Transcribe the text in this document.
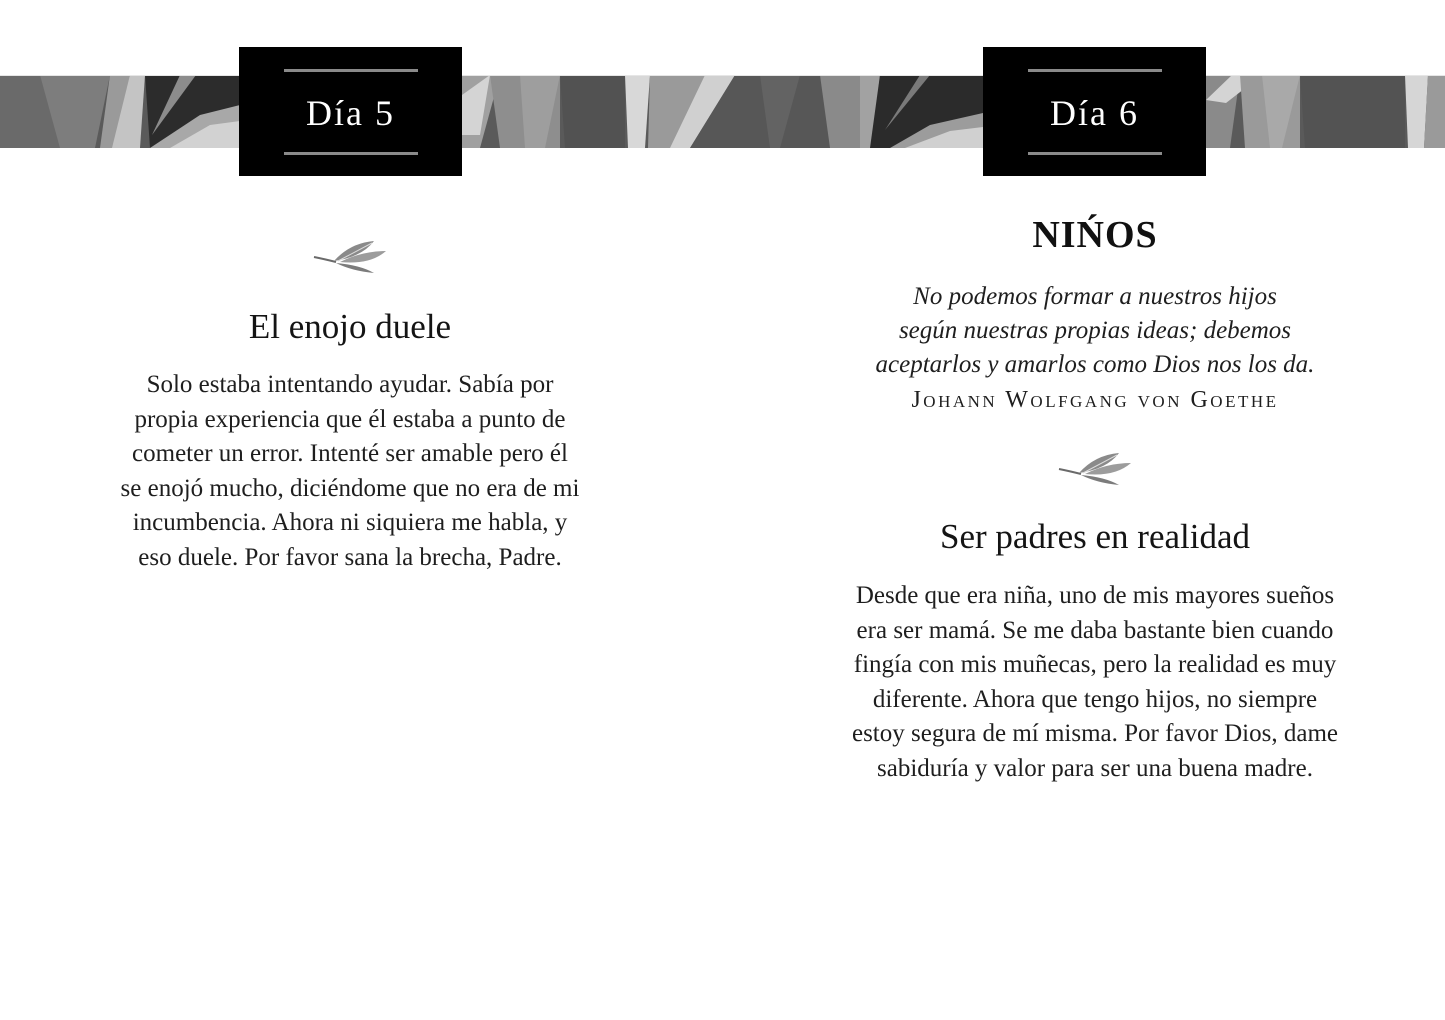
Día 5
El enojo duele
Solo estaba intentando ayudar. Sabía por
propia experiencia que él estaba a punto de
cometer un error. Intenté ser amable pero él
se enojó mucho, diciéndome que no era de mi
incumbencia. Ahora ni siquiera me habla, y
eso duele. Por favor sana la brecha, Padre.
Día 6
NIŃOS
No podemos formar a nuestros hijos
según nuestras propias ideas; debemos
aceptarlos y amarlos como Dios nos los da.
Johann Wolfgang von Goethe
Ser padres en realidad
Desde que era niña, uno de mis mayores sueños
era ser mamá. Se me daba bastante bien cuando
fingía con mis muñecas, pero la realidad es muy
diferente. Ahora que tengo hijos, no siempre
estoy segura de mí misma. Por favor Dios, dame
sabiduría y valor para ser una buena madre.
